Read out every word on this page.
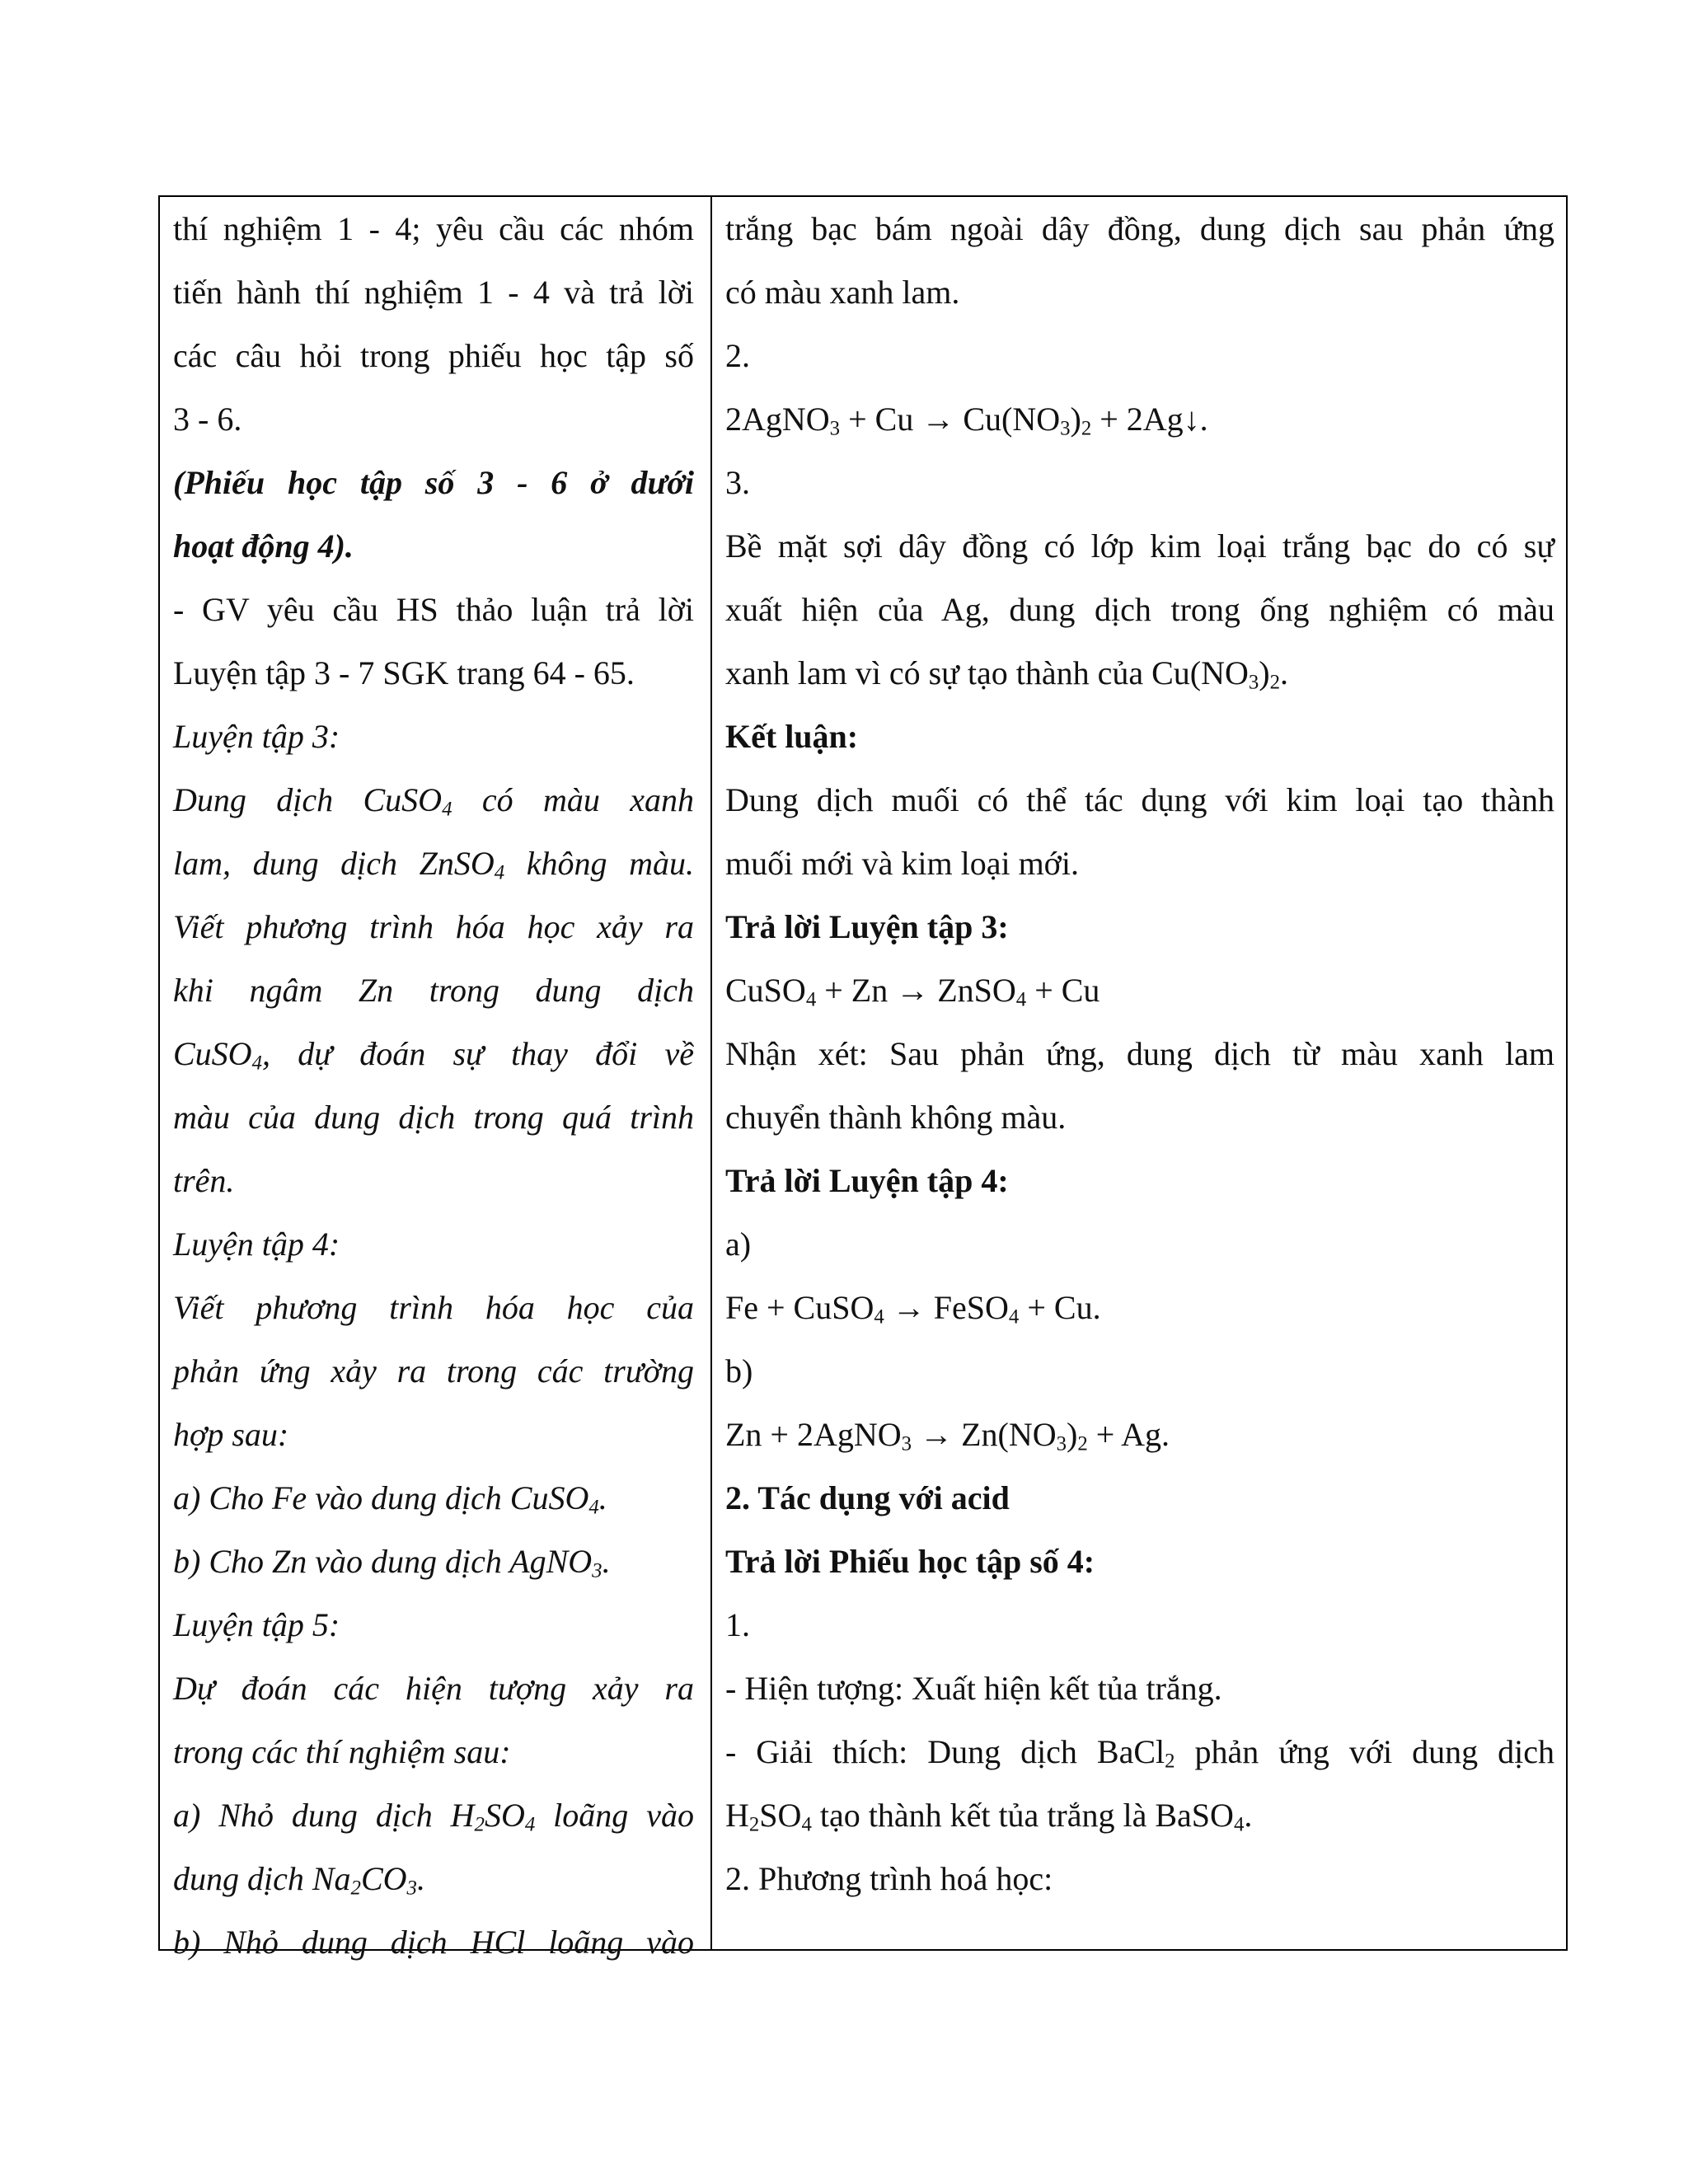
thí nghiệm 1 - 4; yêu cầu các nhóm
tiến hành thí nghiệm 1 - 4 và trả lời
các câu hỏi trong phiếu học tập số
3 - 6.
(Phiếu học tập số 3 - 6 ở dưới
hoạt động 4).
- GV yêu cầu HS thảo luận trả lời
Luyện tập 3 - 7 SGK trang 64 - 65.
Luyện tập 3:
Dung dịch CuSO$_4$ có màu xanh
lam, dung dịch ZnSO$_4$ không màu.
Viết phương trình hóa học xảy ra
khi ngâm Zn trong dung dịch
CuSO$_4$, dự đoán sự thay đổi về
màu của dung dịch trong quá trình
trên.
Luyện tập 4:
Viết phương trình hóa học của
phản ứng xảy ra trong các trường
hợp sau:
a) Cho Fe vào dung dịch CuSO$_4$.
b) Cho Zn vào dung dịch AgNO$_3$.
Luyện tập 5:
Dự đoán các hiện tượng xảy ra
trong các thí nghiệm sau:
a) Nhỏ dung dịch $H_2SO_4$ loãng vào
dung dịch $Na_2CO_3$.
b) Nhỏ dung dịch HCl loãng vào
trắng bạc bám ngoài dây đồng, dung dịch sau phản ứng
có màu xanh lam.
2.
2AgNO$_3$ + $Cu \to Cu(NO_3)_2$ + 2Ag↓.
3.
Bề mặt sợi dây đồng có lớp kim loại trắng bạc do có sự
xuất hiện của Ag, dung dịch trong ống nghiệm có màu
xanh lam vì có sự tạo thành của $Cu(NO_3)_2$.
Kết luận:
Dung dịch muối có thể tác dụng với kim loại tạo thành
muối mới và kim loại mới.
Trả lời Luyện tập 3:
CuSO$_4$ + Zn → ZnSO$_4$ + Cu
Nhận xét: Sau phản ứng, dung dịch từ màu xanh lam
chuyển thành không màu.
Trả lời Luyện tập 4:
a)
Fe + CuSO$_4$ → FeSO$_4$ + Cu.
b)
Zn + 2AgNO$_3$ → $Zn(NO_3)_2 + Ag$.
2. Tác dụng với acid
Trả lời Phiếu học tập số 4:
1.
- Hiện tượng: Xuất hiện kết tủa trắng.
- Giải thích: Dung dịch BaCl$_2$ phản ứng với dung dịch
$H_2SO_4$ tạo thành kết tủa trắng là BaSO$_4$.
2. Phương trình hoá học:
